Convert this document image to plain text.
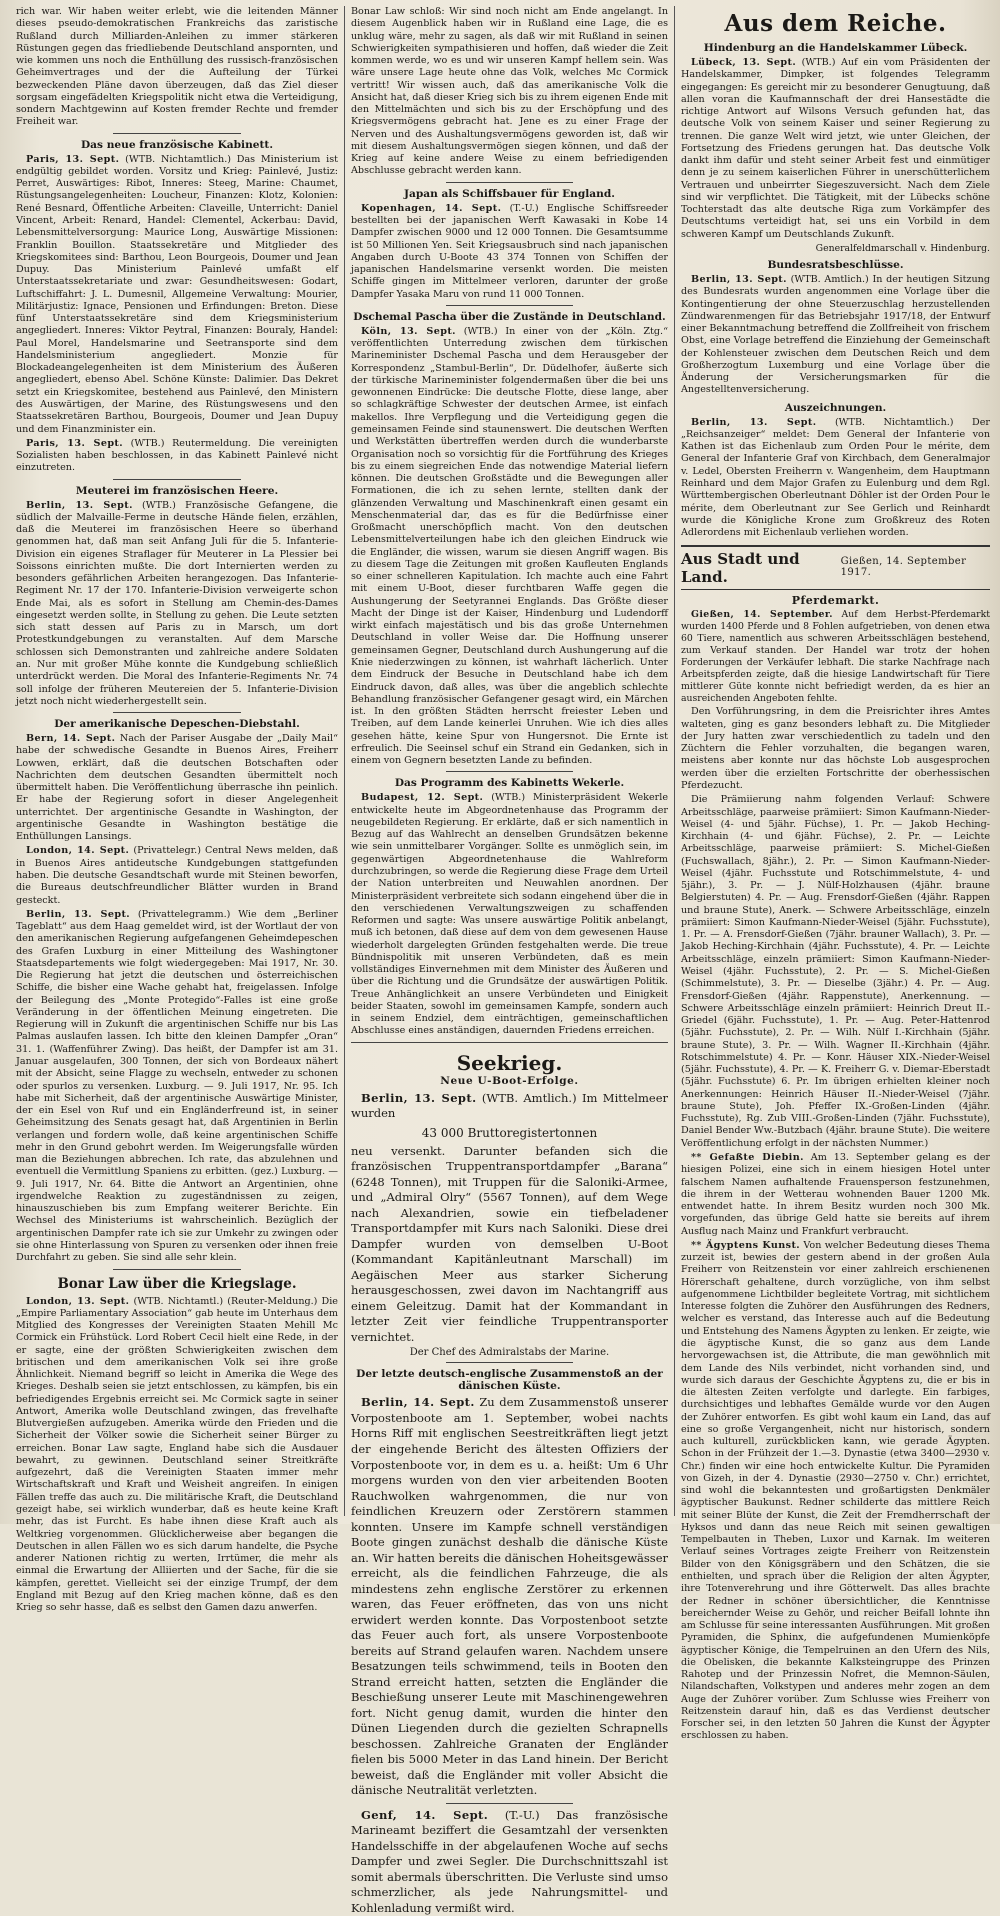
rich war. Wir haben weiter erlebt, wie die leitenden Männer dieses pseudo-demokratischen Frankreichs das zaristische Rußland durch Milliarden-Anleihen zu immer stärkeren Rüstungen gegen das friedliebende Deutschland anspornten, und wie kommen uns noch die Enthüllung des russisch-französischen Geheimvertrages und der die Aufteilung der Türkei bezweckenden Pläne davon überzeugen, daß das Ziel dieser sorgsam eingefädelten Kriegspolitik nicht etwa die Verteidigung, sondern Machtgewinn auf Kosten fremder Rechte und fremder Freiheit war.

Das neue französische Kabinett.

Paris, 13. Sept. (WTB. Nichtamtlich.) Das Ministerium ist endgültig gebildet worden. Vorsitz und Krieg: Painlevé, Justiz: Perret, Auswärtiges: Ribot, Inneres: Steeg, Marine: Chaumet, Rüstungsangelegenheiten: Loucheur, Finanzen: Klotz, Kolonien: René Besnard, Öffentliche Arbeiten: Claveille, Unterricht: Daniel Vincent, Arbeit: Renard, Handel: Clementel, Ackerbau: David, Lebensmittelversorgung: Maurice Long, Auswärtige Missionen: Franklin Bouillon. Staatssekretäre und Mitglieder des Kriegskomitees sind: Barthou, Leon Bourgeois, Doumer und Jean Dupuy. Das Ministerium Painlevé umfaßt elf Unterstaatssekretariate und zwar: Gesundheitswesen: Godart, Luftschiffahrt: J. L. Dumesnil, Allgemeine Verwaltung: Mourier, Militärjustiz: Ignace, Pensionen und Erfindungen: Breton. Diese fünf Unterstaatssekretäre sind dem Kriegsministerium angegliedert. Inneres: Viktor Peytral, Finanzen: Bouraly, Handel: Paul Morel, Handelsmarine und Seetransporte sind dem Handelsministerium angegliedert. Monzie für Blockadeangelegenheiten ist dem Ministerium des Äußeren angegliedert, ebenso Abel. Schöne Künste: Dalimier. Das Dekret setzt ein Kriegskomitee, bestehend aus Painlevé, den Ministern des Auswärtigen, der Marine, des Rüstungswesens und den Staatssekretären Barthou, Bourgeois, Doumer und Jean Dupuy und dem Finanzminister ein.

Paris, 13. Sept. (WTB.) Reutermeldung. Die vereinigten Sozialisten haben beschlossen, in das Kabinett Painlevé nicht einzutreten.

Meuterei im französischen Heere.

Berlin, 13. Sept. (WTB.) Französische Gefangene, die südlich der Malvaille-Ferme in deutsche Hände fielen, erzählen, daß die Meuterei im französischen Heere so überhand genommen hat, daß man seit Anfang Juli für die 5. Infanterie-Division ein eigenes Straflager für Meuterer in La Plessier bei Soissons einrichten mußte. Die dort Internierten werden zu besonders gefährlichen Arbeiten herangezogen. Das Infanterie-Regiment Nr. 17 der 170. Infanterie-Division verweigerte schon Ende Mai, als es sofort in Stellung am Chemin-des-Dames eingesetzt werden sollte, in Stellung zu gehen. Die Leute setzten sich statt dessen auf Paris zu in Marsch, um dort Protestkundgebungen zu veranstalten. Auf dem Marsche schlossen sich Demonstranten und zahlreiche andere Soldaten an. Nur mit großer Mühe konnte die Kundgebung schließlich unterdrückt werden. Die Moral des Infanterie-Regiments Nr. 74 soll infolge der früheren Meutereien der 5. Infanterie-Division jetzt noch nicht wiederhergestellt sein.

Der amerikanische Depeschen-Diebstahl.

Bern, 14. Sept. Nach der Pariser Ausgabe der „Daily Mail“ habe der schwedische Gesandte in Buenos Aires, Freiherr Lowwen, erklärt, daß die deutschen Botschaften oder Nachrichten dem deutschen Gesandten übermittelt noch übermittelt haben. Die Veröffentlichung überrasche ihn peinlich. Er habe der Regierung sofort in dieser Angelegenheit unterrichtet. Der argentinische Gesandte in Washington, der argentinische Gesandte in Washington bestätige die Enthüllungen Lansings.

London, 14. Sept. (Privattelegr.) Central News melden, daß in Buenos Aires antideutsche Kundgebungen stattgefunden haben. Die deutsche Gesandtschaft wurde mit Steinen beworfen, die Bureaus deutschfreundlicher Blätter wurden in Brand gesteckt.

Berlin, 13. Sept. (Privattelegramm.) Wie dem „Berliner Tageblatt“ aus dem Haag gemeldet wird, ist der Wortlaut der von den amerikanischen Regierung aufgefangenen Geheimdepeschen des Grafen Luxburg in einer Mitteilung des Washingtoner Staatsdepartements wie folgt wiedergegeben: Mai 1917, Nr. 30. Die Regierung hat jetzt die deutschen und österreichischen Schiffe, die bisher eine Wache gehabt hat, freigelassen. Infolge der Beilegung des „Monte Protegido“-Falles ist eine große Veränderung in der öffentlichen Meinung eingetreten. Die Regierung will in Zukunft die argentinischen Schiffe nur bis Las Palmas auslaufen lassen. Ich bitte den kleinen Dampfer „Oran“ 31. 1. (Waffenführer Zwing). Das heißt, der Dampfer ist am 31. Januar ausgelaufen, 300 Tonnen, der sich von Bordeaux nähert mit der Absicht, seine Flagge zu wechseln, entweder zu schonen oder spurlos zu versenken. Luxburg. — 9. Juli 1917, Nr. 95. Ich habe mit Sicherheit, daß der argentinische Auswärtige Minister, der ein Esel von Ruf und ein Engländerfreund ist, in seiner Geheimsitzung des Senats gesagt hat, daß Argentinien in Berlin verlangen und fordern wolle, daß keine argentinischen Schiffe mehr in den Grund gebohrt werden. Im Weigerungsfalle würden man die Beziehungen abbrechen. Ich rate, das abzulehnen und eventuell die Vermittlung Spaniens zu erbitten. (gez.) Luxburg. — 9. Juli 1917, Nr. 64. Bitte die Antwort an Argentinien, ohne irgendwelche Reaktion zu zugeständnissen zu zeigen, hinauszuschieben bis zum Empfang weiterer Berichte. Ein Wechsel des Ministeriums ist wahrscheinlich. Bezüglich der argentinischen Dampfer rate ich sie zur Umkehr zu zwingen oder sie ohne Hinterlassung von Spuren zu versenken oder ihnen freie Durchfahrt zu geben. Sie sind alle sehr klein.

Bonar Law über die Kriegslage.

London, 13. Sept. (WTB. Nichtamtl.) (Reuter-Meldung.) Die „Empire Parliamentary Association“ gab heute im Unterhaus dem Mitglied des Kongresses der Vereinigten Staaten Mehill Mc Cormick ein Frühstück. Lord Robert Cecil hielt eine Rede, in der er sagte, eine der größten Schwierigkeiten zwischen dem britischen und dem amerikanischen Volk sei ihre große Ähnlichkeit. Niemand begriff so leicht in Amerika die Wege des Krieges. Deshalb seien sie jetzt entschlossen, zu kämpfen, bis ein befriedigendes Ergebnis erreicht sei. Mc Cormick sagte in seiner Antwort, Amerika wolle Deutschland zwingen, das frevelhafte Blutvergießen aufzugeben. Amerika würde den Frieden und die Sicherheit der Völker sowie die Sicherheit seiner Bürger zu erreichen. Bonar Law sagte, England habe sich die Ausdauer bewahrt, zu gewinnen. Deutschland seiner Streitkräfte aufgezehrt, daß die Vereinigten Staaten immer mehr Wirtschaftskraft und Kraft und Weisheit angreifen. In einigen Fällen treffe das auch zu. Die militärische Kraft, die Deutschland gezeigt habe, sei wirklich wunderbar, daß es heute keine Kraft mehr, das ist Furcht. Es habe ihnen diese Kraft auch als Weltkrieg vorgenommen. Glücklicherweise aber begangen die Deutschen in allen Fällen wo es sich darum handelte, die Psyche anderer Nationen richtig zu werten, Irrtümer, die mehr als einmal die Erwartung der Alliierten und der Sache, für die sie kämpfen, gerettet. Vielleicht sei der einzige Trumpf, der dem England mit Bezug auf den Krieg machen könne, daß es den Krieg so sehr hasse, daß es selbst den Gamen dazu anwerfen.

Bonar Law schloß: Wir sind noch nicht am Ende angelangt. In diesem Augenblick haben wir in Rußland eine Lage, die es unklug wäre, mehr zu sagen, als daß wir mit Rußland in seinen Schwierigkeiten sympathisieren und hoffen, daß wieder die Zeit kommen werde, wo es und wir unseren Kampf hellem sein. Was wäre unsere Lage heute ohne das Volk, welches Mc Cormick vertritt! Wir wissen auch, daß das amerikanische Volk die Ansicht hat, daß dieser Krieg sich bis zu ihrem eigenen Ende mit den Mittelmächten und sich bis zu der Erschöpfung und des Kriegsvermögens gebracht hat. Jene es zu einer Frage der Nerven und des Aushaltungsvermögens geworden ist, daß wir mit diesem Aushaltungsvermögen siegen können, und daß der Krieg auf keine andere Weise zu einem befriedigenden Abschlusse gebracht werden kann.

Japan als Schiffsbauer für England.

Kopenhagen, 14. Sept. (T.-U.) Englische Schiffsreeder bestellten bei der japanischen Werft Kawasaki in Kobe 14 Dampfer zwischen 9000 und 12 000 Tonnen. Die Gesamtsumme ist 50 Millionen Yen. Seit Kriegsausbruch sind nach japanischen Angaben durch U-Boote 43 374 Tonnen von Schiffen der japanischen Handelsmarine versenkt worden. Die meisten Schiffe gingen im Mittelmeer verloren, darunter der große Dampfer Yasaka Maru von rund 11 000 Tonnen.

Dschemal Pascha über die Zustände in Deutschland.

Köln, 13. Sept. (WTB.) In einer von der „Köln. Ztg.“ veröffentlichten Unterredung zwischen dem türkischen Marineminister Dschemal Pascha und dem Herausgeber der Korrespondenz „Stambul-Berlin“, Dr. Düdelhofer, äußerte sich der türkische Marineminister folgendermaßen über die bei uns gewonnenen Eindrücke: Die deutsche Flotte, diese lange, aber so schlagkräftige Schwester der deutschen Armee, ist einfach makellos. Ihre Verpflegung und die Verteidigung gegen die gemeinsamen Feinde sind staunenswert. Die deutschen Werften und Werkstätten übertreffen werden durch die wunderbarste Organisation noch so vorsichtig für die Fortführung des Krieges bis zu einem siegreichen Ende das notwendige Material liefern können. Die deutschen Großstädte und die Bewegungen aller Formationen, die ich zu sehen lernte, stellten dank der glänzenden Verwaltung und Maschinenkraft einen gesamt ein Menschenmaterial dar, das es für die Bedürfnisse einer Großmacht unerschöpflich macht. Von den deutschen Lebensmittelverteilungen habe ich den gleichen Eindruck wie die Engländer, die wissen, warum sie diesen Angriff wagen. Bis zu diesem Tage die Zeitungen mit großen Kaufleuten Englands so einer schnelleren Kapitulation. Ich machte auch eine Fahrt mit einem U-Boot, dieser furchtbaren Waffe gegen die Aushungerung der Seetyrannei Englands. Das Größte dieser Macht der Dinge ist der Kaiser, Hindenburg und Ludendorff wirkt einfach majestätisch und bis das große Unternehmen Deutschland in voller Weise dar. Die Hoffnung unserer gemeinsamen Gegner, Deutschland durch Aushungerung auf die Knie niederzwingen zu können, ist wahrhaft lächerlich. Unter dem Eindruck der Besuche in Deutschland habe ich dem Eindruck davon, daß alles, was über die angeblich schlechte Behandlung französischer Gefangener gesagt wird, ein Märchen ist. In den größten Städten herrscht freiester Leben und Treiben, auf dem Lande keinerlei Unruhen. Wie ich dies alles gesehen hätte, keine Spur von Hungersnot. Die Ernte ist erfreulich. Die Seeinsel schuf ein Strand ein Gedanken, sich in einem von Gegnern besetzten Lande zu befinden.

Das Programm des Kabinetts Wekerle.

Budapest, 12. Sept. (WTB.) Ministerpräsident Wekerle entwickelte heute im Abgeordnetenhause das Programm der neugebildeten Regierung. Er erklärte, daß er sich namentlich in Bezug auf das Wahlrecht an denselben Grundsätzen bekenne wie sein unmittelbarer Vorgänger. Sollte es unmöglich sein, im gegenwärtigen Abgeordnetenhause die Wahlreform durchzubringen, so werde die Regierung diese Frage dem Urteil der Nation unterbreiten und Neuwahlen anordnen. Der Ministerpräsident verbreitete sich sodann eingehend über die in den verschiedenen Verwaltungszweigen zu schaffenden Reformen und sagte: Was unsere auswärtige Politik anbelangt, muß ich betonen, daß diese auf dem von dem gewesenen Hause wiederholt dargelegten Gründen festgehalten werde. Die treue Bündnispolitik mit unseren Verbündeten, daß es mein vollständiges Einvernehmen mit dem Minister des Äußeren und über die Richtung und die Grundsätze der auswärtigen Politik. Treue Anhänglichkeit an unsere Verbündeten und Einigkeit beider Staaten, sowohl im gemeinsamen Kampfe, sondern auch in seinem Endziel, dem einträchtigen, gemeinschaftlichen Abschlusse eines anständigen, dauernden Friedens erreichen.

Seekrieg.
Neue U-Boot-Erfolge.

Berlin, 13. Sept. (WTB. Amtlich.) Im Mittelmeer wurden

43 000 Bruttoregistertonnen

neu versenkt. Darunter befanden sich die französischen Truppentransportdampfer „Barana“ (6248 Tonnen), mit Truppen für die Saloniki-Armee, und „Admiral Olry“ (5567 Tonnen), auf dem Wege nach Alexandrien, sowie ein tiefbeladener Transportdampfer mit Kurs nach Saloniki. Diese drei Dampfer wurden von demselben U-Boot (Kommandant Kapitänleutnant Marschall) im Aegäischen Meer aus starker Sicherung herausgeschossen, zwei davon im Nachtangriff aus einem Geleitzug. Damit hat der Kommandant in letzter Zeit vier feindliche Truppentransporter vernichtet.

Der Chef des Admiralstabs der Marine.
Der letzte deutsch-englische Zusammenstoß an der dänischen Küste.

Berlin, 14. Sept. Zu dem Zusammenstoß unserer Vorpostenboote am 1. September, wobei nachts Horns Riff mit englischen Seestreitkräften liegt jetzt der eingehende Bericht des ältesten Offiziers der Vorpostenboote vor, in dem es u. a. heißt: Um 6 Uhr morgens wurden von den vier arbeitenden Booten Rauchwolken wahrgenommen, die nur von feindlichen Kreuzern oder Zerstörern stammen konnten. Unsere im Kampfe schnell verständigen Boote gingen zunächst deshalb die dänische Küste an. Wir hatten bereits die dänischen Hoheitsgewässer erreicht, als die feindlichen Fahrzeuge, die als mindestens zehn englische Zerstörer zu erkennen waren, das Feuer eröffneten, das von uns nicht erwidert werden konnte. Das Vorpostenboot setzte das Feuer auch fort, als unsere Vorpostenboote bereits auf Strand gelaufen waren. Nachdem unsere Besatzungen teils schwimmend, teils in Booten den Strand erreicht hatten, setzten die Engländer die Beschießung unserer Leute mit Maschinengewehren fort. Nicht genug damit, wurden die hinter den Dünen Liegenden durch die gezielten Schrapnells beschossen. Zahlreiche Granaten der Engländer fielen bis 5000 Meter in das Land hinein. Der Bericht beweist, daß die Engländer mit voller Absicht die dänische Neutralität verletzten.

Genf, 14. Sept. (T.-U.) Das französische Marineamt beziffert die Gesamtzahl der versenkten Handelsschiffe in der abgelaufenen Woche auf sechs Dampfer und zwei Segler. Die Durchschnittszahl ist somit abermals überschritten. Die Verluste sind umso schmerzlicher, als jede Nahrungsmittel- und Kohlenladung vermißt wird.

Aus dem Reiche.
Hindenburg an die Handelskammer Lübeck.

Lübeck, 13. Sept. (WTB.) Auf ein vom Präsidenten der Handelskammer, Dimpker, ist folgendes Telegramm eingegangen: Es gereicht mir zu besonderer Genugtuung, daß allen voran die Kaufmannschaft der drei Hansestädte die richtige Antwort auf Wilsons Versuch gefunden hat, das deutsche Volk von seinem Kaiser und seiner Regierung zu trennen. Die ganze Welt wird jetzt, wie unter Gleichen, der Fortsetzung des Friedens gerungen hat. Das deutsche Volk dankt ihm dafür und steht seiner Arbeit fest und einmütiger denn je zu seinem kaiserlichen Führer in unerschütterlichem Vertrauen und unbeirrter Siegeszuversicht. Nach dem Ziele sind wir verpflichtet. Die Tätigkeit, mit der Lübecks schöne Tochterstadt das alte deutsche Riga zum Vorkämpfer des Deutschtums verteidigt hat, sei uns ein Vorbild in dem schweren Kampf um Deutschlands Zukunft.

Generalfeldmarschall v. Hindenburg.
Bundesratsbeschlüsse.

Berlin, 13. Sept. (WTB. Amtlich.) In der heutigen Sitzung des Bundesrats wurden angenommen eine Vorlage über die Kontingentierung der ohne Steuerzuschlag herzustellenden Zündwarenmengen für das Betriebsjahr 1917/18, der Entwurf einer Bekanntmachung betreffend die Zollfreiheit von frischem Obst, eine Vorlage betreffend die Einziehung der Gemeinschaft der Kohlensteuer zwischen dem Deutschen Reich und dem Großherzogtum Luxemburg und eine Vorlage über die Änderung der Versicherungsmarken für die Angestelltenversicherung.

Auszeichnungen.

Berlin, 13. Sept. (WTB. Nichtamtlich.) Der „Reichsanzeiger“ meldet: Dem General der Infanterie von Kathen ist das Eichenlaub zum Orden Pour le mérite, dem General der Infanterie Graf von Kirchbach, dem Generalmajor v. Ledel, Obersten Freiherrn v. Wangenheim, dem Hauptmann Reinhard und dem Major Grafen zu Eulenburg und dem Rgl. Württembergischen Oberleutnant Döhler ist der Orden Pour le mérite, dem Oberleutnant zur See Gerlich und Reinhardt wurde die Königliche Krone zum Großkreuz des Roten Adlerordens mit Eichenlaub verliehen worden.

Aus Stadt und Land.
Gießen, 14. September 1917.
Pferdemarkt.

Gießen, 14. September. Auf dem Herbst-Pferdemarkt wurden 1400 Pferde und 8 Fohlen aufgetrieben, von denen etwa 60 Tiere, namentlich aus schweren Arbeitsschlägen bestehend, zum Verkauf standen. Der Handel war trotz der hohen Forderungen der Verkäufer lebhaft. Die starke Nachfrage nach Arbeitspferden zeigte, daß die hiesige Landwirtschaft für Tiere mittlerer Güte konnte nicht befriedigt werden, da es hier an ausreichenden Angeboten fehlte.

Den Vorführungsring, in dem die Preisrichter ihres Amtes walteten, ging es ganz besonders lebhaft zu. Die Mitglieder der Jury hatten zwar verschiedentlich zu tadeln und den Züchtern die Fehler vorzuhalten, die begangen waren, meistens aber konnte nur das höchste Lob ausgesprochen werden über die erzielten Fortschritte der oberhessischen Pferdezucht.

Die Prämiierung nahm folgenden Verlauf: Schwere Arbeitsschläge, paarweise prämiiert: Simon Kaufmann-Nieder-Weisel (4- und 5jähr. Füchse), 1. Pr. — Jakob Heching-Kirchhain (4- und 6jähr. Füchse), 2. Pr. — Leichte Arbeitsschläge, paarweise prämiiert: S. Michel-Gießen (Fuchswallach, 8jähr.), 2. Pr. — Simon Kaufmann-Nieder-Weisel (4jähr. Fuchsstute und Rotschimmelstute, 4- und 5jähr.), 3. Pr. — J. Nülf-Holzhausen (4jähr. braune Belgierstuten) 4. Pr. — Aug. Frensdorf-Gießen (4jähr. Rappen und braune Stute), Anerk. — Schwere Arbeitsschläge, einzeln prämiiert: Simon Kaufmann-Nieder-Weisel (5jähr. Fuchsstute), 1. Pr. — A. Frensdorf-Gießen (7jähr. brauner Wallach), 3. Pr. — Jakob Heching-Kirchhain (4jähr. Fuchsstute), 4. Pr. — Leichte Arbeitsschläge, einzeln prämiiert: Simon Kaufmann-Nieder-Weisel (4jähr. Fuchsstute), 2. Pr. — S. Michel-Gießen (Schimmelstute), 3. Pr. — Dieselbe (3jähr.) 4. Pr. — Aug. Frensdorf-Gießen (4jähr. Rappenstute), Anerkennung. — Schwere Arbeitsschläge einzeln prämiiert: Heinrich Dreut II.-Griedel (6jähr. Fuchsstute), 1. Pr. — Aug. Peter-Hattenrod (5jähr. Fuchsstute), 2. Pr. — Wilh. Nülf I.-Kirchhain (5jähr. braune Stute), 3. Pr. — Wilh. Wagner II.-Kirchhain (4jähr. Rotschimmelstute) 4. Pr. — Konr. Häuser XIX.-Nieder-Weisel (5jähr. Fuchsstute), 4. Pr. — K. Freiherr G. v. Diemar-Eberstadt (5jähr. Fuchsstute) 6. Pr. Im übrigen erhielten kleiner noch Anerkennungen: Heinrich Häuser II.-Nieder-Weisel (7jähr. braune Stute), Joh. Pfeffer IX.-Großen-Linden (4jähr. Fuchsstute), Rg. Zub VIII.-Großen-Linden (7jähr. Fuchsstute), Daniel Bender Ww.-Butzbach (4jähr. braune Stute). Die weitere Veröffentlichung erfolgt in der nächsten Nummer.)

** Gefaßte Diebin. Am 13. September gelang es der hiesigen Polizei, eine sich in einem hiesigen Hotel unter falschem Namen aufhaltende Frauensperson festzunehmen, die ihrem in der Wetterau wohnenden Bauer 1200 Mk. entwendet hatte. In ihrem Besitz wurden noch 300 Mk. vorgefunden, das übrige Geld hatte sie bereits auf ihrem Ausflug nach Mainz und Frankfurt verbraucht.

** Ägyptens Kunst. Von welcher Bedeutung dieses Thema zurzeit ist, bewies der gestern abend in der großen Aula Freiherr von Reitzenstein vor einer zahlreich erschienenen Hörerschaft gehaltene, durch vorzügliche, von ihm selbst aufgenommene Lichtbilder begleitete Vortrag, mit sichtlichem Interesse folgten die Zuhörer den Ausführungen des Redners, welcher es verstand, das Interesse auch auf die Bedeutung und Entstehung des Namens Ägypten zu lenken. Er zeigte, wie die ägyptische Kunst, die so ganz aus dem Lande hervorgewachsen ist, die Attribute, die man gewöhnlich mit dem Lande des Nils verbindet, nicht vorhanden sind, und wurde sich daraus der Geschichte Ägyptens zu, die er bis in die ältesten Zeiten verfolgte und darlegte. Ein farbiges, durchsichtiges und lebhaftes Gemälde wurde vor den Augen der Zuhörer entworfen. Es gibt wohl kaum ein Land, das auf eine so große Vergangenheit, nicht nur historisch, sondern auch kulturell, zurückblicken kann, wie gerade Ägypten. Schon in der Frühzeit der 1.—3. Dynastie (etwa 3400—2930 v. Chr.) finden wir eine hoch entwickelte Kultur. Die Pyramiden von Gizeh, in der 4. Dynastie (2930—2750 v. Chr.) errichtet, sind wohl die bekanntesten und großartigsten Denkmäler ägyptischer Baukunst. Redner schilderte das mittlere Reich mit seiner Blüte der Kunst, die Zeit der Fremdherrschaft der Hyksos und dann das neue Reich mit seinen gewaltigen Tempelbauten in Theben, Luxor und Karnak. Im weiteren Verlauf seines Vortrages zeigte Freiherr von Reitzenstein Bilder von den Königsgräbern und den Schätzen, die sie enthielten, und sprach über die Religion der alten Ägypter, ihre Totenverehrung und ihre Götterwelt. Das alles brachte der Redner in schöner übersichtlicher, die Kenntnisse bereichernder Weise zu Gehör, und reicher Beifall lohnte ihn am Schlusse für seine interessanten Ausführungen. Mit großen Pyramiden, die Sphinx, die aufgefundenen Mumienköpfe ägyptischer Könige, die Tempelruinen an den Ufern des Nils, die Obelisken, die bekannte Kalksteingruppe des Prinzen Rahotep und der Prinzessin Nofret, die Memnon-Säulen, Nilandschaften, Volkstypen und anderes mehr zogen an dem Auge der Zuhörer vorüber. Zum Schlusse wies Freiherr von Reitzenstein darauf hin, daß es das Verdienst deutscher Forscher sei, in den letzten 50 Jahren die Kunst der Ägypter erschlossen zu haben.
